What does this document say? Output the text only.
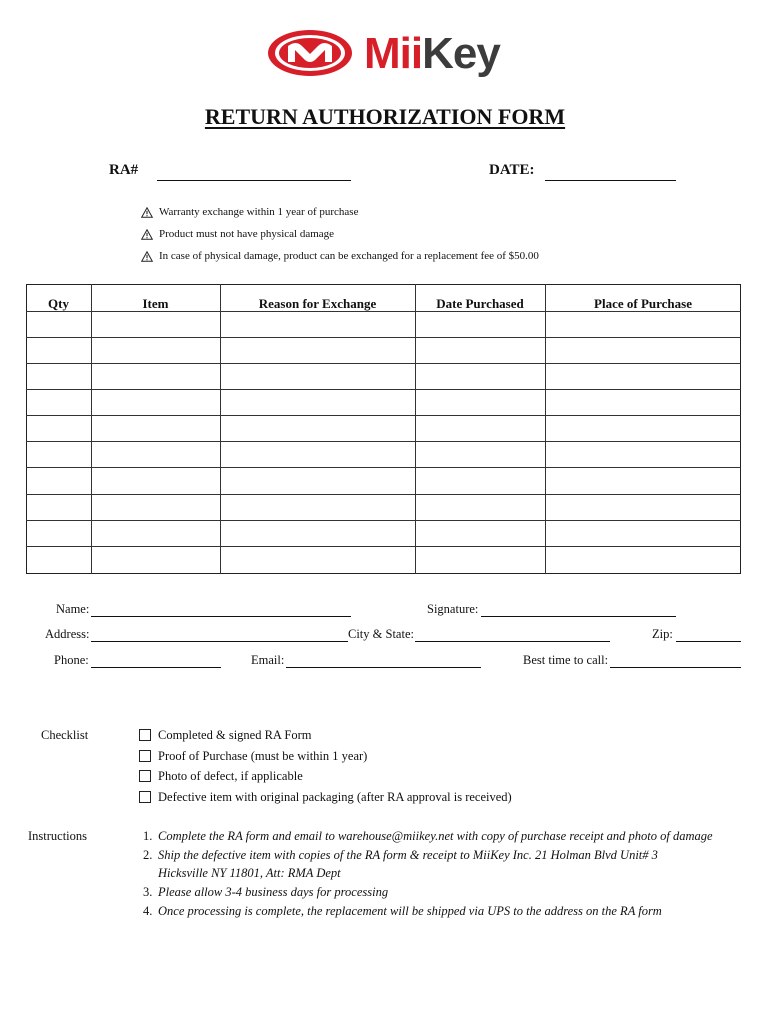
MiiKey
RETURN AUTHORIZATION FORM
RA#	DATE:
Warranty exchange within 1 year of purchase
Product must not have physical damage
In case of physical damage, product can be exchanged for a replacement fee of $50.00
Qty	Item	Reason for Exchange	Date Purchased	Place of Purchase
Name:	Signature:
Address:	City & State:	Zip:
Phone:	Email:	Best time to call:
Checklist	Completed & signed RA Form
Proof of Purchase (must be within 1 year)
Photo of defect, if applicable
Defective item with original packaging (after RA approval is received)
Instructions	1. Complete the RA form and email to warehouse@miikey.net with copy of purchase receipt and photo of damage
2. Ship the defective item with copies of the RA form & receipt to MiiKey Inc. 21 Holman Blvd Unit# 3
Hicksville NY 11801, Att: RMA Dept
3. Please allow 3-4 business days for processing
4. Once processing is complete, the replacement will be shipped via UPS to the address on the RA form
